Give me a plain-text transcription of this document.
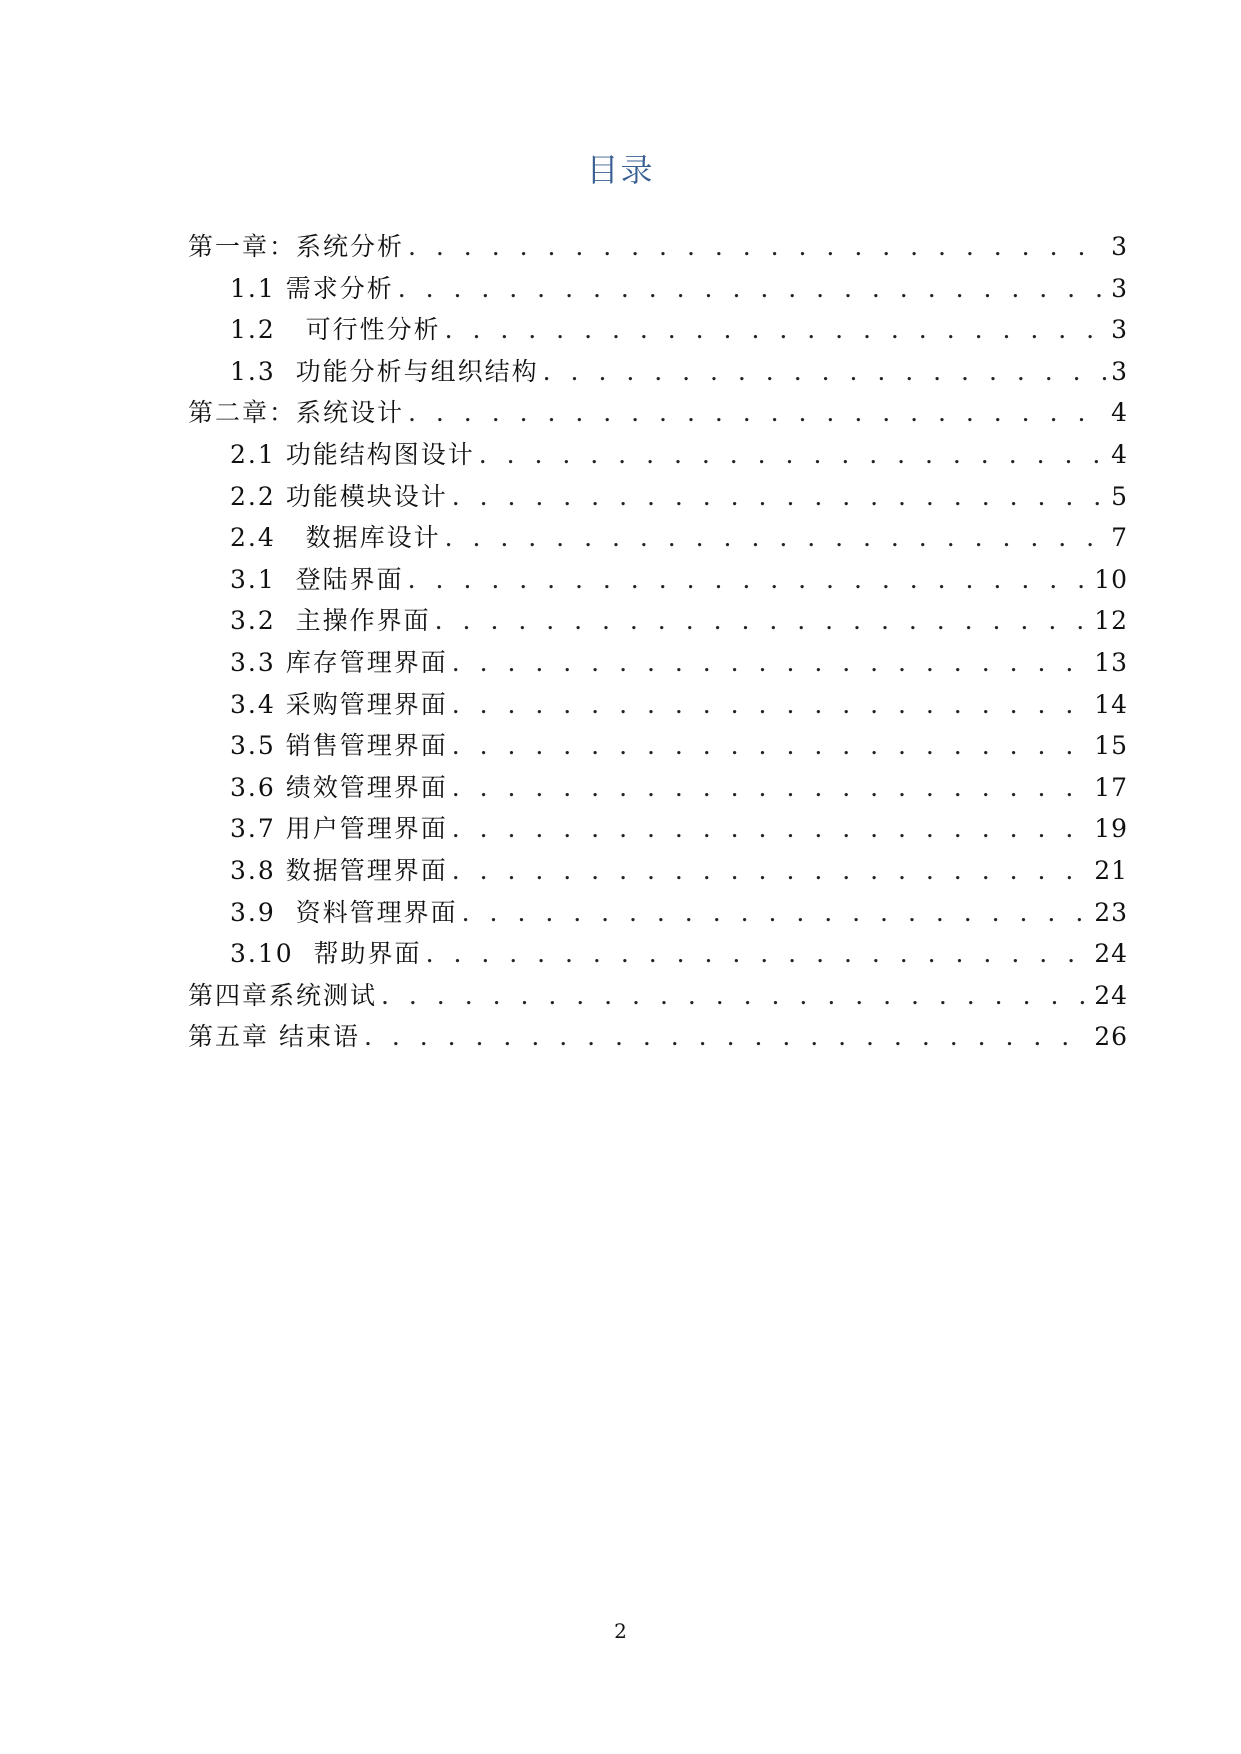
目录
第一章：系统分析 . . .	3
1.1 需求分析 . . .	3
1.2   可行性分析 . . .	3
1.3  功能分析与组织结构 . . .	3
第二章：系统设计 . . .	4
2.1 功能结构图设计 . . .	4
2.2 功能模块设计 . . .	5
2.4   数据库设计 . . .	7
3.1  登陆界面 . . .	10
3.2  主操作界面 . . .	12
3.3 库存管理界面 . . .	13
3.4 采购管理界面 . . .	14
3.5 销售管理界面 . . .	15
3.6 绩效管理界面 . . .	17
3.7 用户管理界面 . . .	19
3.8 数据管理界面 . . .	21
3.9  资料管理界面 . . .	23
3.10  帮助界面 . . .	24
第四章系统测试 . . .	24
第五章 结束语 . . .	26
2
